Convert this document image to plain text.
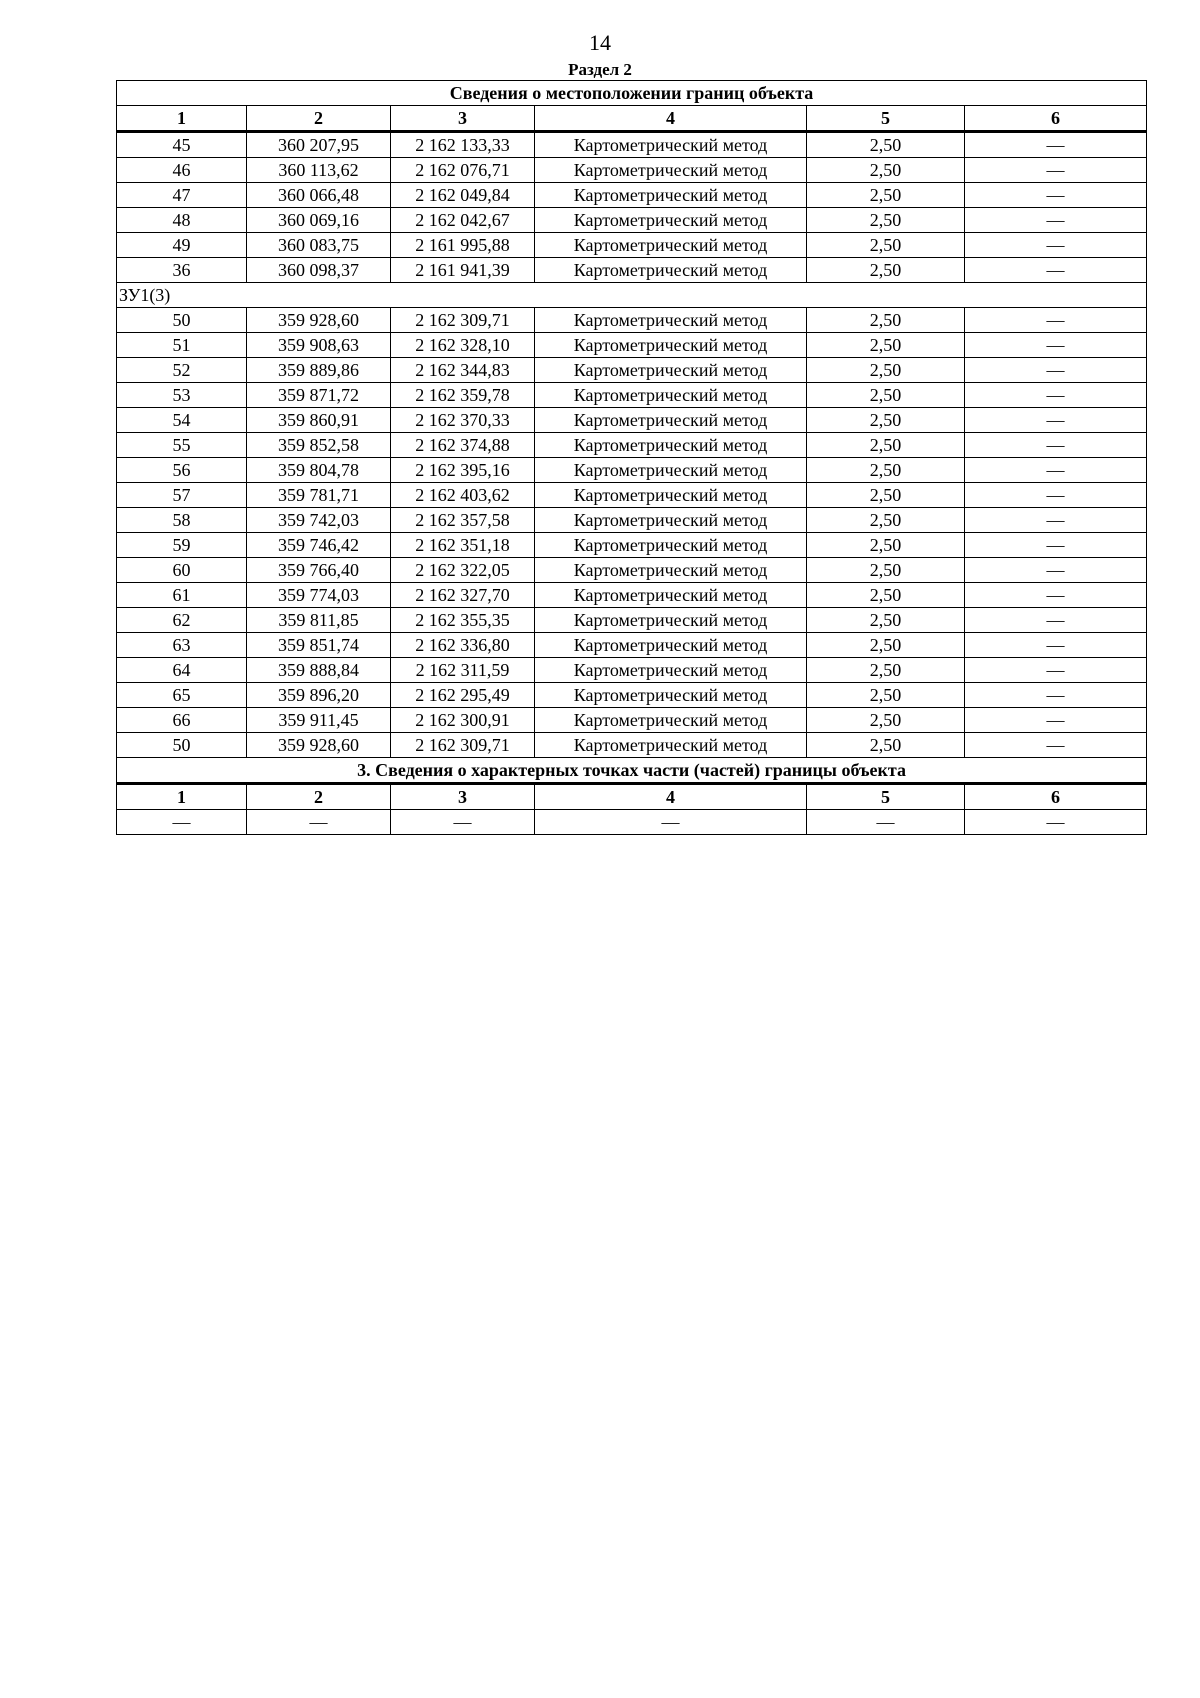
14
Раздел 2
Сведения о местоположении границ объекта					
1	2	3	4	5	6
45	360 207,95	2 162 133,33	Картометрический метод	2,50	—
46	360 113,62	2 162 076,71	Картометрический метод	2,50	—
47	360 066,48	2 162 049,84	Картометрический метод	2,50	—
48	360 069,16	2 162 042,67	Картометрический метод	2,50	—
49	360 083,75	2 161 995,88	Картометрический метод	2,50	—
36	360 098,37	2 161 941,39	Картометрический метод	2,50	—
ЗУ1(3)					
50	359 928,60	2 162 309,71	Картометрический метод	2,50	—
51	359 908,63	2 162 328,10	Картометрический метод	2,50	—
52	359 889,86	2 162 344,83	Картометрический метод	2,50	—
53	359 871,72	2 162 359,78	Картометрический метод	2,50	—
54	359 860,91	2 162 370,33	Картометрический метод	2,50	—
55	359 852,58	2 162 374,88	Картометрический метод	2,50	—
56	359 804,78	2 162 395,16	Картометрический метод	2,50	—
57	359 781,71	2 162 403,62	Картометрический метод	2,50	—
58	359 742,03	2 162 357,58	Картометрический метод	2,50	—
59	359 746,42	2 162 351,18	Картометрический метод	2,50	—
60	359 766,40	2 162 322,05	Картометрический метод	2,50	—
61	359 774,03	2 162 327,70	Картометрический метод	2,50	—
62	359 811,85	2 162 355,35	Картометрический метод	2,50	—
63	359 851,74	2 162 336,80	Картометрический метод	2,50	—
64	359 888,84	2 162 311,59	Картометрический метод	2,50	—
65	359 896,20	2 162 295,49	Картометрический метод	2,50	—
66	359 911,45	2 162 300,91	Картометрический метод	2,50	—
50	359 928,60	2 162 309,71	Картометрический метод	2,50	—
3. Сведения о характерных точках части (частей) границы объекта					
1	2	3	4	5	6
—	—	—	—	—	—
